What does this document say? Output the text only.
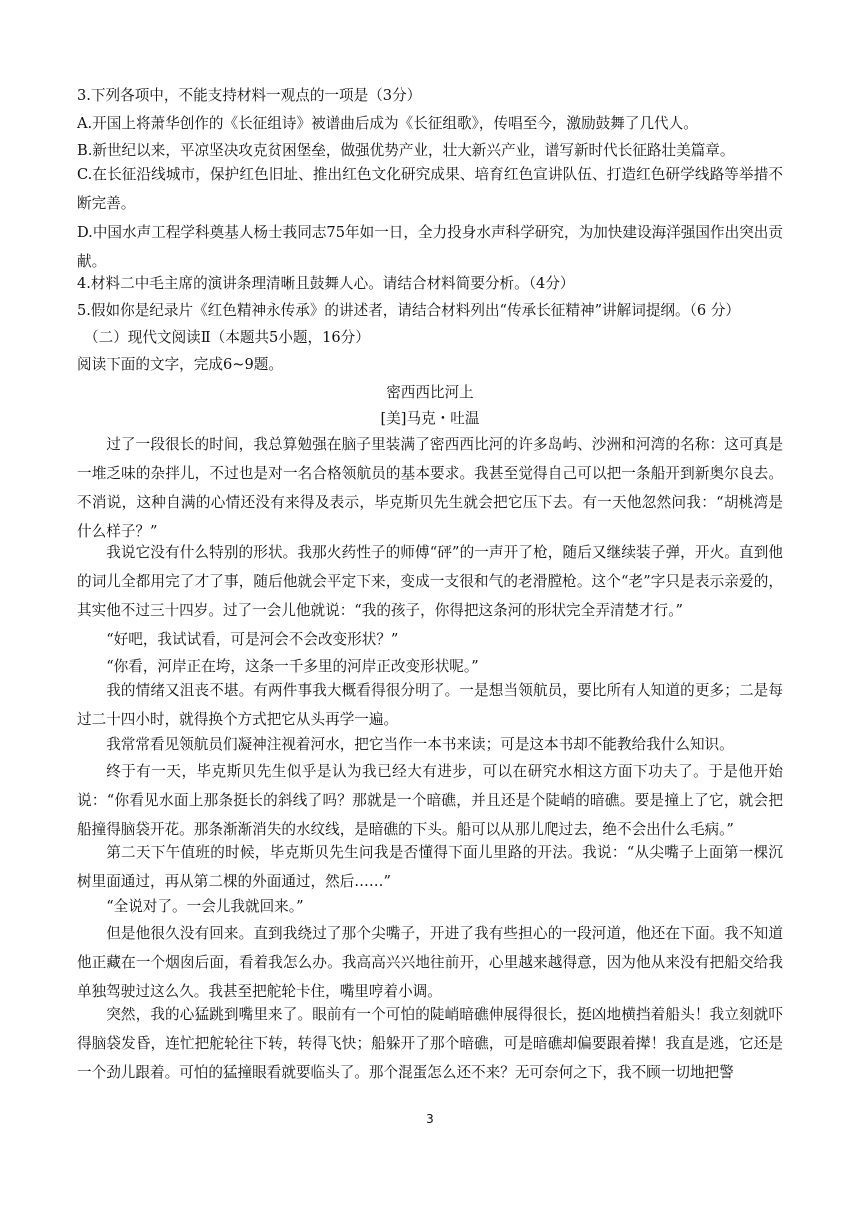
3.下列各项中，不能支持材料一观点的一项是（3分）
A.开国上将萧华创作的《长征组诗》被谱曲后成为《长征组歌》，传唱至今，激励鼓舞了几代人。
B.新世纪以来，平凉坚决攻克贫困堡垒，做强优势产业，壮大新兴产业，谱写新时代长征路壮美篇章。
C.在长征沿线城市，保护红色旧址、推出红色文化研究成果、培育红色宣讲队伍、打造红色研学线路等举措不断完善。
D.中国水声工程学科奠基人杨士莪同志75年如一日，全力投身水声科学研究，为加快建设海洋强国作出突出贡献。
4.材料二中毛主席的演讲条理清晰且鼓舞人心。请结合材料简要分析。（4分）
5.假如你是纪录片《红色精神永传承》的讲述者，请结合材料列出“传承长征精神”讲解词提纲。（6 分）
（二）现代文阅读Ⅱ（本题共5小题，16分）
阅读下面的文字，完成6~9题。
密西西比河上
[美]马克・吐温
过了一段很长的时间，我总算勉强在脑子里装满了密西西比河的许多岛屿、沙洲和河湾的名称：这可真是一堆乏味的杂拌儿，不过也是对一名合格领航员的基本要求。我甚至觉得自己可以把一条船开到新奥尔良去。不消说，这种自满的心情还没有来得及表示，毕克斯贝先生就会把它压下去。有一天他忽然问我：“胡桃湾是什么样子？”
我说它没有什么特别的形状。我那火药性子的师傅“砰”的一声开了枪，随后又继续装子弹，开火。直到他的词儿全都用完了才了事，随后他就会平定下来，变成一支很和气的老滑膛枪。这个“老”字只是表示亲爱的，其实他不过三十四岁。过了一会儿他就说：“我的孩子，你得把这条河的形状完全弄清楚才行。”
“好吧，我试试看，可是河会不会改变形状？”
“你看，河岸正在垮，这条一千多里的河岸正改变形状呢。”
我的情绪又沮丧不堪。有两件事我大概看得很分明了。一是想当领航员，要比所有人知道的更多；二是每过二十四小时，就得换个方式把它从头再学一遍。
我常常看见领航员们凝神注视着河水，把它当作一本书来读；可是这本书却不能教给我什么知识。
终于有一天，毕克斯贝先生似乎是认为我已经大有进步，可以在研究水相这方面下功夫了。于是他开始说：“你看见水面上那条挺长的斜线了吗？那就是一个暗礁，并且还是个陡峭的暗礁。要是撞上了它，就会把船撞得脑袋开花。那条渐渐消失的水纹线，是暗礁的下头。船可以从那儿爬过去，绝不会出什么毛病。”
第二天下午值班的时候，毕克斯贝先生问我是否懂得下面儿里路的开法。我说：“从尖嘴子上面第一棵沉树里面通过，再从第二棵的外面通过，然后……”
“全说对了。一会儿我就回来。”
但是他很久没有回来。直到我绕过了那个尖嘴子，开进了我有些担心的一段河道，他还在下面。我不知道他正藏在一个烟囱后面，看着我怎么办。我高高兴兴地往前开，心里越来越得意，因为他从来没有把船交给我单独驾驶过这么久。我甚至把舵轮卡住，嘴里哼着小调。
突然，我的心猛跳到嘴里来了。眼前有一个可怕的陡峭暗礁伸展得很长，挺凶地横挡着船头！我立刻就吓得脑袋发昏，连忙把舵轮往下转，转得飞快；船躲开了那个暗礁，可是暗礁却偏要跟着撵！我直是逃，它还是一个劲儿跟着。可怕的猛撞眼看就要临头了。那个混蛋怎么还不来？无可奈何之下，我不顾一切地把警
3
